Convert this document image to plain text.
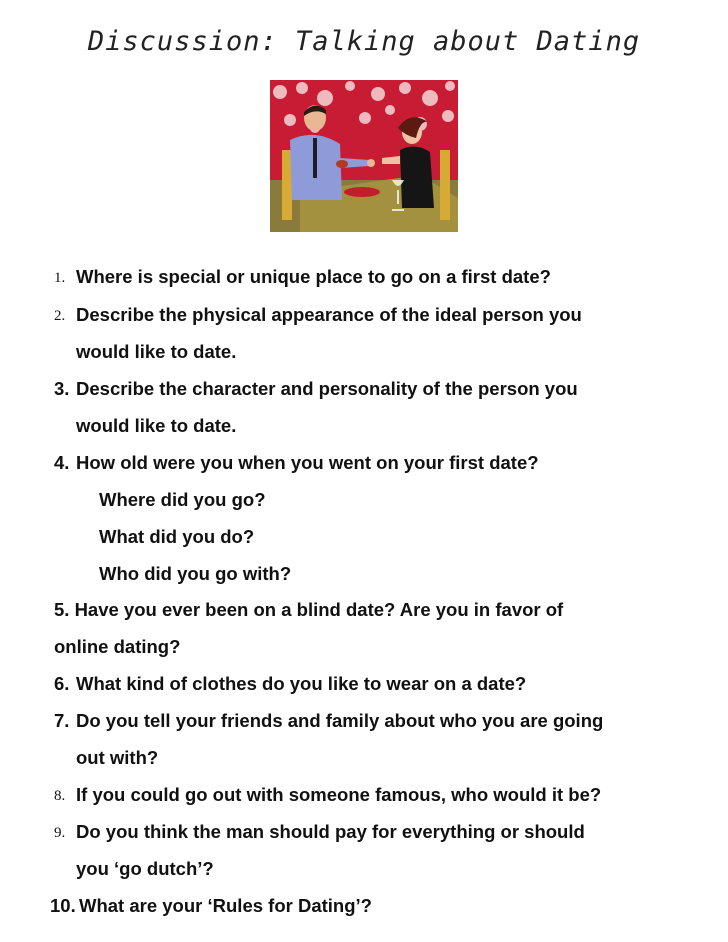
Discussion: Talking about Dating
1. Where is special or unique place to go on a first date?
2. Describe the physical appearance of the ideal person you
would like to date.
3. Describe the character and personality of the person you
would like to date.
4. How old were you when you went on your first date?
Where did you go?
What did you do?
Who did you go with?
5. Have you ever been on a blind date? Are you in favor of
online dating?
6. What kind of clothes do you like to wear on a date?
7. Do you tell your friends and family about who you are going
out with?
8. If you could go out with someone famous, who would it be?
9. Do you think the man should pay for everything or should
you ‘go dutch’?
10. What are your ‘Rules for Dating’?
